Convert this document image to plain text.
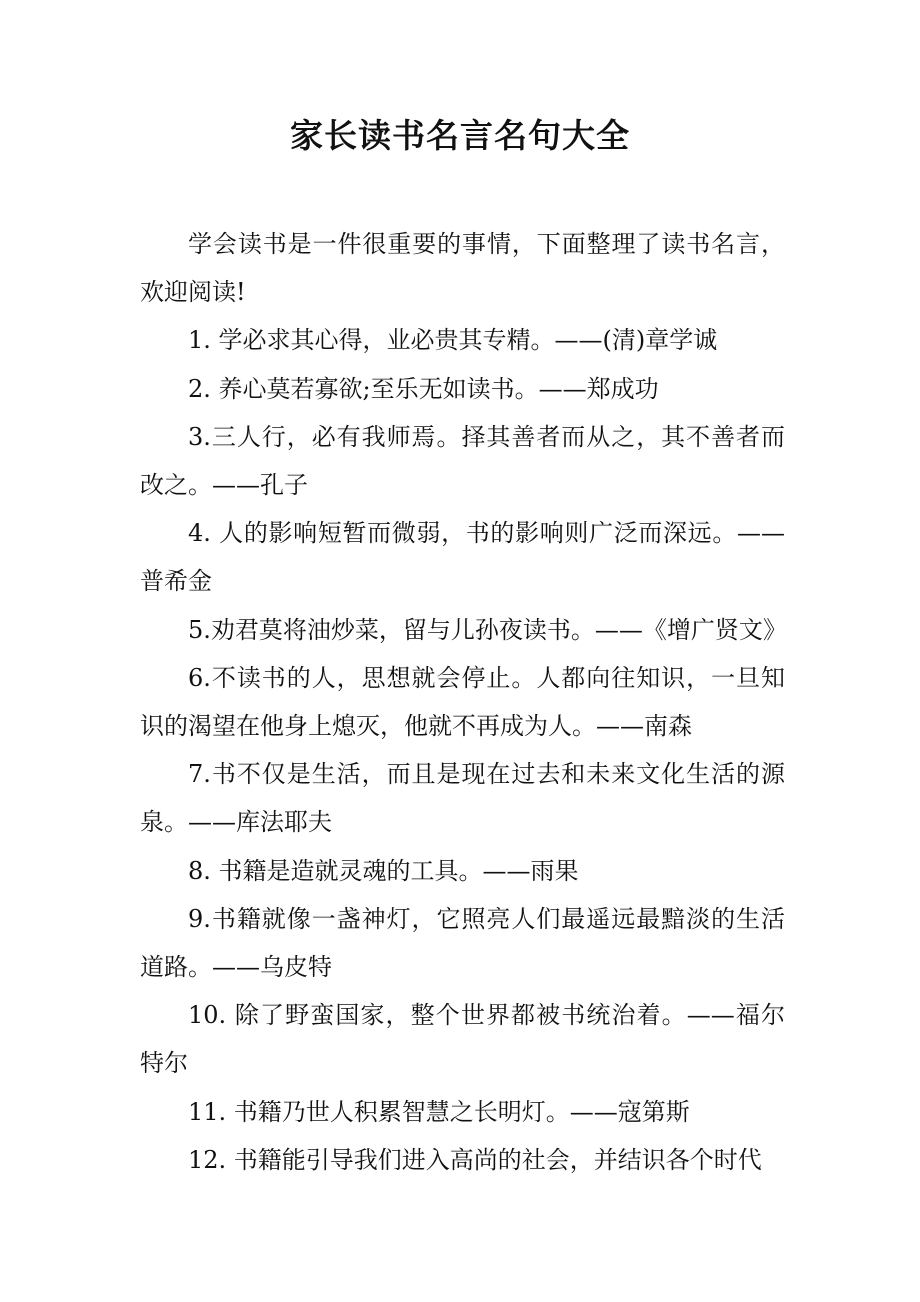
家长读书名言名句大全

学会读书是一件很重要的事情，下面整理了读书名言，欢迎阅读!

1. 学必求其心得，业必贵其专精。——(清)章学诚

2. 养心莫若寡欲;至乐无如读书。——郑成功

3.三人行，必有我师焉。择其善者而从之，其不善者而改之。——孔子

4. 人的影响短暂而微弱，书的影响则广泛而深远。——普希金

5.劝君莫将油炒菜，留与儿孙夜读书。——《增广贤文》

6.不读书的人，思想就会停止。人都向往知识，一旦知识的渴望在他身上熄灭，他就不再成为人。——南森

7.书不仅是生活，而且是现在过去和未来文化生活的源泉。——库法耶夫

8. 书籍是造就灵魂的工具。——雨果

9.书籍就像一盏神灯，它照亮人们最遥远最黯淡的生活道路。——乌皮特

10. 除了野蛮国家，整个世界都被书统治着。——福尔特尔

11. 书籍乃世人积累智慧之长明灯。——寇第斯

12. 书籍能引导我们进入高尚的社会，并结识各个时代
